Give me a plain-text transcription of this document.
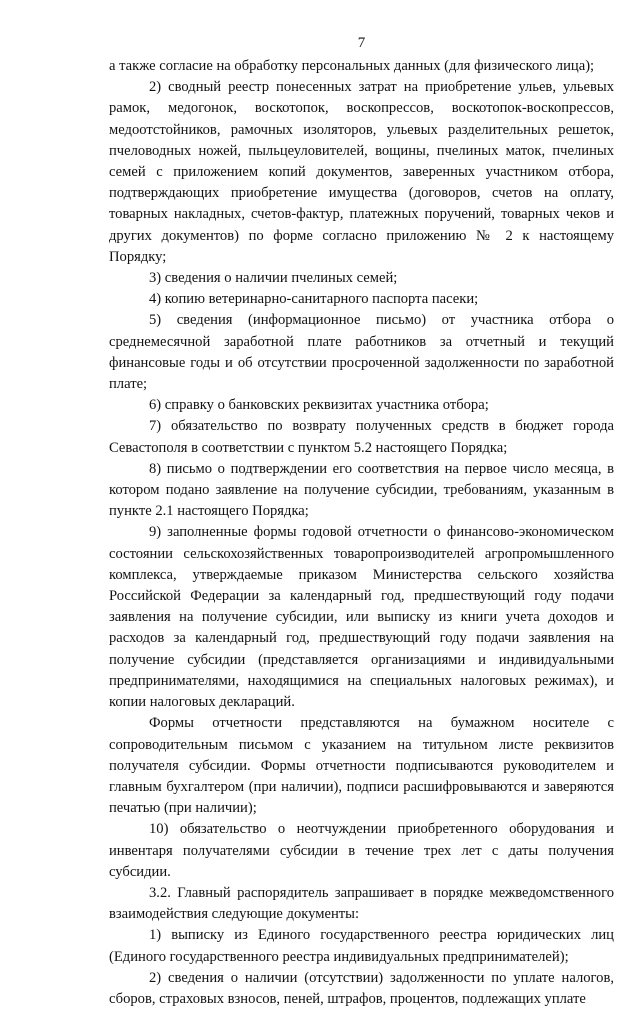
7

а также согласие на обработку персональных данных (для физического лица);

2) сводный реестр понесенных затрат на приобретение ульев, ульевых рамок, медогонок, воскотопок, воскопрессов, воскотопок-воскопрессов, медоотстойников, рамочных изоляторов, ульевых разделительных решеток, пчеловодных ножей, пыльцеуловителей, вощины, пчелиных маток, пчелиных семей с приложением копий документов, заверенных участником отбора, подтверждающих приобретение имущества (договоров, счетов на оплату, товарных накладных, счетов-фактур, платежных поручений, товарных чеков и других документов) по форме согласно приложению № 2 к настоящему Порядку;

3) сведения о наличии пчелиных семей;

4) копию ветеринарно-санитарного паспорта пасеки;

5) сведения (информационное письмо) от участника отбора о среднемесячной заработной плате работников за отчетный и текущий финансовые годы и об отсутствии просроченной задолженности по заработной плате;

6) справку о банковских реквизитах участника отбора;

7) обязательство по возврату полученных средств в бюджет города Севастополя в соответствии с пунктом 5.2 настоящего Порядка;

8) письмо о подтверждении его соответствия на первое число месяца, в котором подано заявление на получение субсидии, требованиям, указанным в пункте 2.1 настоящего Порядка;

9) заполненные формы годовой отчетности о финансово-экономическом состоянии сельскохозяйственных товаропроизводителей агропромышленного комплекса, утверждаемые приказом Министерства сельского хозяйства Российской Федерации за календарный год, предшествующий году подачи заявления на получение субсидии, или выписку из книги учета доходов и расходов за календарный год, предшествующий году подачи заявления на получение субсидии (представляется организациями и индивидуальными предпринимателями, находящимися на специальных налоговых режимах), и копии налоговых деклараций.

Формы отчетности представляются на бумажном носителе с сопроводительным письмом с указанием на титульном листе реквизитов получателя субсидии. Формы отчетности подписываются руководителем и главным бухгалтером (при наличии), подписи расшифровываются и заверяются печатью (при наличии);

10) обязательство о неотчуждении приобретенного оборудования и инвентаря получателями субсидии в течение трех лет с даты получения субсидии.

3.2. Главный распорядитель запрашивает в порядке межведомственного взаимодействия следующие документы:

1) выписку из Единого государственного реестра юридических лиц (Единого государственного реестра индивидуальных предпринимателей);

2) сведения о наличии (отсутствии) задолженности по уплате налогов, сборов, страховых взносов, пеней, штрафов, процентов, подлежащих уплате
